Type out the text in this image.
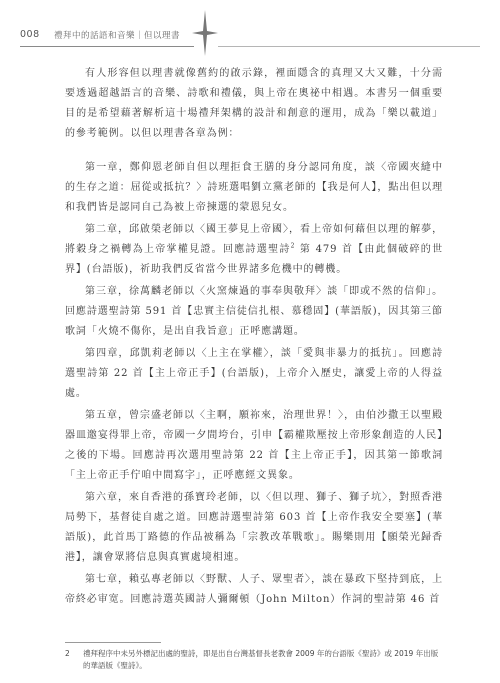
008 禮拜中的話語和音樂｜但以理書

有人形容但以理書就像舊約的啟示錄，裡面隱含的真理又大又難，十分需要透過超越語言的音樂、詩歌和禮儀，與上帝在奧祕中相遇。本書另一個重要目的是希望藉著解析這十場禮拜架構的設計和創意的運用，成為「樂以載道」的參考範例。以但以理書各章為例：

第一章，鄭仰恩老師自但以理拒食王膳的身分認同角度，談〈帝國夾縫中的生存之道：屈從或抵抗？〉詩班選唱劉立黨老師的【我是何人】，點出但以理和我們皆是認同自己為被上帝揀選的蒙恩兒女。

第二章，邱啟榮老師以〈國王夢見上帝國〉，看上帝如何藉但以理的解夢，將穀身之禍轉為上帝掌權見證。回應詩選聖詩$^2$ 第 479 首【由此個破碎的世界】(台語版)，祈助我們反省當今世界諸多危機中的轉機。

第三章，徐萬麟老師以〈火窯煉過的事奉與敬拜〉談「即或不然的信仰」。回應詩選聖詩第 591 首【忠實主信徒信扎根、慕穩固】(華語版)，因其第三節歌詞「火燒不傷你，是出自我旨意」正呼應講題。

第四章，邱凱莉老師以〈上主在掌權〉，談「愛與非暴力的抵抗」。回應詩選聖詩第 22 首【主上帝正手】(台語版)，上帝介入歷史，讓愛上帝的人得益處。

第五章，曾宗盛老師以〈主啊，願祢來，治理世界！〉，由伯沙撒王以聖殿器皿邀宴得罪上帝，帝國一夕間垮台，引申【霸權欺壓按上帝形象創造的人民】之後的下場。回應詩再次選用聖詩第 22 首【主上帝正手】，因其第一節歌詞「主上帝正手佇咱中間寫字」，正呼應經文異象。

第六章，來自香港的孫寶玲老師，以〈但以理、獅子、獅子坑〉，對照香港局勢下，基督徒自處之道。回應詩選聖詩第 603 首【上帝作我安全要塞】(華語版)，此首馬丁路德的作品被稱為「宗教改革戰歌」。賜樂則用【願榮光歸香港】，讓會眾將信息與真實處境相連。

第七章，賴弘專老師以〈野獸、人子、眾聖者〉，談在暴政下堅持到底，上帝終必审宽。回應詩選英國詩人彌爾頓（John Milton）作詞的聖詩第 46 首

2	禮拜程序中未另外標記出處的聖詩，即是出自台灣基督長老教會 2009 年的台語版《聖詩》或 2019 年出版的華語版《聖詩》。
